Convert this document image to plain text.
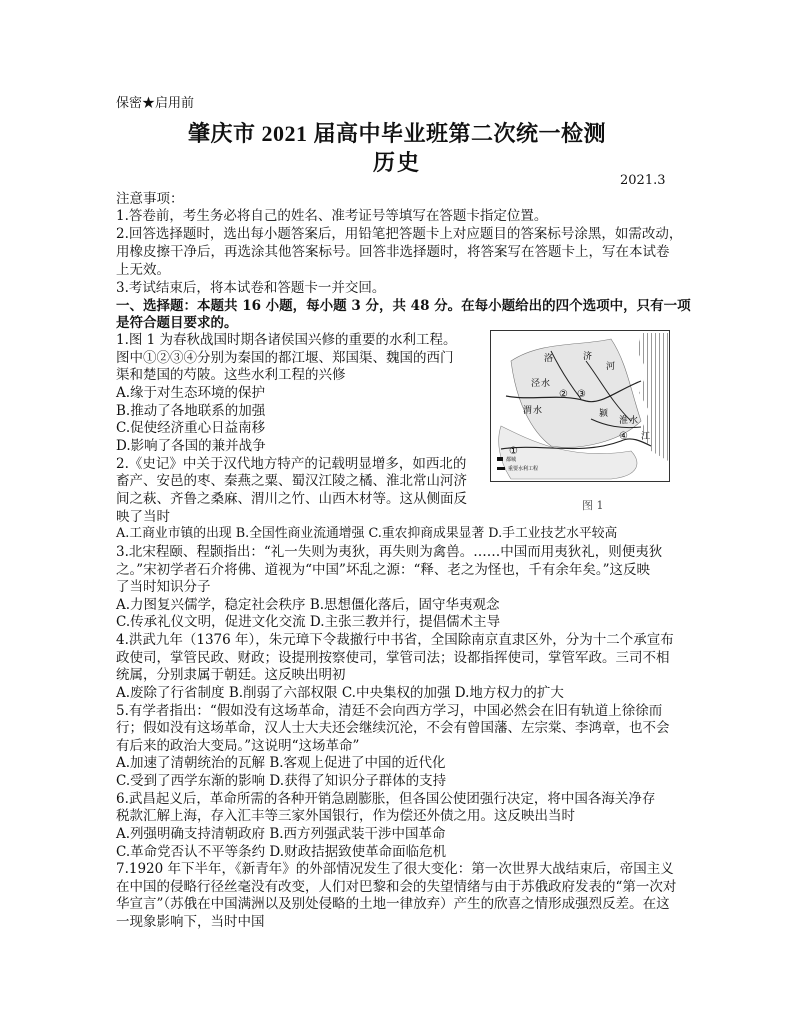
保密★启用前
肇庆市 2021 届高中毕业班第二次统一检测
历史
2021.3
注意事项：
1.答卷前，考生务必将自己的姓名、准考证号等填写在答题卡指定位置。
2.回答选择题时，选出每小题答案后，用铅笔把答题卡上对应题目的答案标号涂黑，如需改动，
用橡皮擦干净后，再选涂其他答案标号。回答非选择题时，将答案写在答题卡上，写在本试卷
上无效。
3.考试结束后，将本试卷和答题卡一并交回。
一、选择题：本题共 16 小题，每小题 3 分，共 48 分。在每小题给出的四个选项中，只有一项
是符合题目要求的。
1.图 1 为春秋战国时期各诸侯国兴修的重要的水利工程。
图中①②③④分别为秦国的都江堰、郑国渠、魏国的西门
渠和楚国的芍陂。这些水利工程的兴修
A.缘于对生态环境的保护
B.推动了各地联系的加强
C.促使经济重心日益南移
D.影响了各国的兼并战争
2.《史记》中关于汉代地方特产的记载明显增多，如西北的
畜产、安邑的枣、秦燕之粟、蜀汉江陵之橘、淮北常山河济
间之萩、齐鲁之桑麻、渭川之竹、山西木材等。这从侧面反
映了当时
A.工商业市镇的出现 B.全国性商业流通增强 C.重农抑商成果显著 D.手工业技艺水平较高
3.北宋程颐、程颢指出：“礼一失则为夷狄，再失则为禽兽。……中国而用夷狄礼，则便夷狄
之。”宋初学者石介将佛、道视为“中国”坏乱之源：“释、老之为怪也，千有余年矣。”这反映
了当时知识分子
A.力图复兴儒学，稳定社会秩序 B.思想僵化落后，固守华夷观念
C.传承礼仪文明，促进文化交流 D.主张三教并行，提倡儒术主导
4.洪武九年（1376 年），朱元璋下令裁撤行中书省，全国除南京直隶区外，分为十二个承宣布
政使司，掌管民政、财政；设提刑按察使司，掌管司法；设都指挥使司，掌管军政。三司不相
统属，分别隶属于朝廷。这反映出明初
A.废除了行省制度 B.削弱了六部权限 C.中央集权的加强 D.地方权力的扩大
5.有学者指出：“假如没有这场革命，清廷不会向西方学习，中国必然会在旧有轨道上徐徐而
行；假如没有这场革命，汉人士大夫还会继续沉沦，不会有曾国藩、左宗棠、李鸿章，也不会
有后来的政治大变局。”这说明“这场革命”
A.加速了清朝统治的瓦解 B.客观上促进了中国的近代化
C.受到了西学东渐的影响 D.获得了知识分子群体的支持
6.武昌起义后，革命所需的各种开销急剧膨胀，但各国公使团强行决定，将中国各海关净存
税款汇解上海，存入汇丰等三家外国银行，作为偿还外债之用。这反映出当时
A.列强明确支持清朝政府 B.西方列强武装干涉中国革命
C.革命党否认不平等条约 D.财政拮据致使革命面临危机
7.1920 年下半年，《新青年》的外部情况发生了很大变化：第一次世界大战结束后，帝国主义
在中国的侵略行径丝毫没有改变，人们对巴黎和会的失望情绪与由于苏俄政府发表的“第一次对
华宣言”（苏俄在中国满洲以及别处侵略的土地一律放弃）产生的欣喜之情形成强烈反差。在这
一现象影响下，当时中国
洛	济
河
泾 水
渭 水	颍
淮 水
江
①
② ③
④
都城
重要水利工程
图 1
